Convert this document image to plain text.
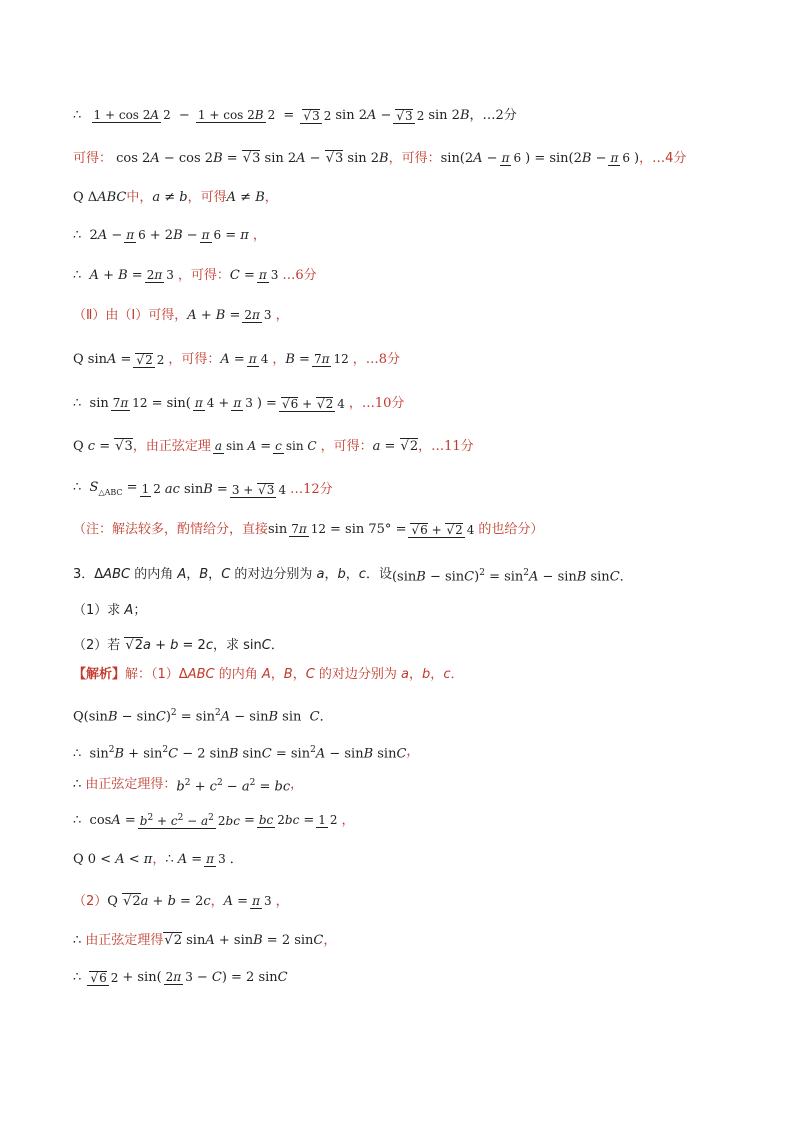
∴ 1 + cos 2A 2 − 1 + cos 2B 2 =	√ 3 2 sin 2A −	√ 3 2 sin 2B，…2分
可得： cos 2A − cos 2B = √ 3 sin 2A − √ 3 sin 2B ，可得： sin(2A − π 6 ) = sin(2B − π 6 ) ，…4分
Q ΔABC 中， a ≠ b ，可得 A ≠ B ，
∴  2A − π 6 + 2B − π 6 = π ，
∴  A + B = 2π 3 ，可得： C = π 3 …6分
（Ⅱ）由（Ⅰ）可得， A + B = 2π 3 ，
Q sinA =	√ 2 2 ，可得： A = π 4 ， B = 7π 12 ，…8分
∴  sin 7π 12 = sin( π 4 + π 3 ) =	√ 6 + √ 2 4 ，…10分
Q c = √ 3 ，由正弦定理 a sin A = c sin C ，可得： a = √ 2 ，…11分
∴  S△ABC = 1 2 ac sinB = 3 + √ 3 4 …12分
（注：解法较多，酌情给分，直接 sin 7π 12 = sin 75° =	√ 6 + √ 2 4 的也给分）
3．ΔABC 的内角 A，B，C 的对边分别为 a，b，c．设 (sinB − sinC)2 = sin2A − sinB sinC．
（1）求 A；
（2）若 √ 2a + b = 2c，求 sinC．
【解析】 解：（1）ΔABC 的内角 A，B，C 的对边分别为 a，b，c．
Q(sinB − sinC)2 = sin2A − sinB sin  C．
∴  sin2B + sin2C − 2 sinB sinC = sin2A − sinB sinC ，
∴ 由正弦定理得： b2 + c2 − a2 = bc ，
∴  cosA = b2 + c2 − a2 2bc = bc 2bc = 1 2 ，
Q 0 < A < π ， ∴ A = π 3 ．
（2） Q √ 2a + b = 2c ， A = π 3 ，
∴ 由正弦定理得 √ 2 sinA + sinB = 2 sinC ，
∴	√ 6 2 + sin( 2π 3 − C) = 2 sinC
